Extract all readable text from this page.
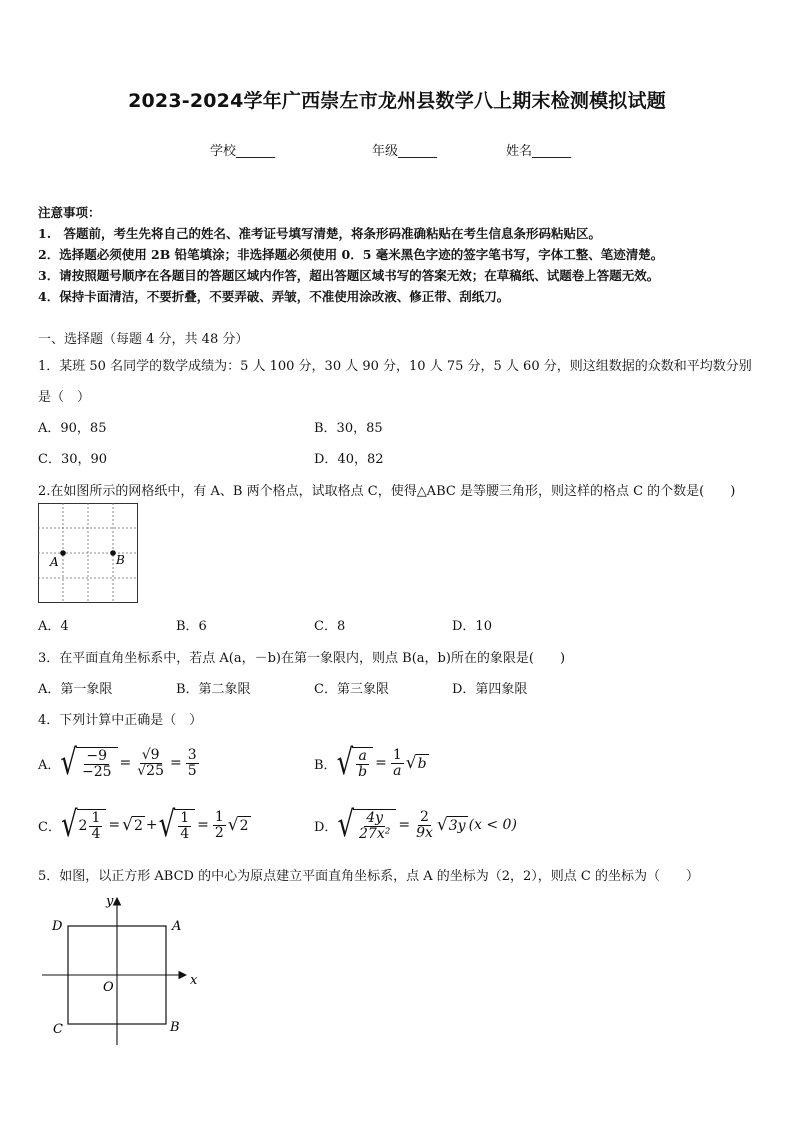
2023-2024学年广西崇左市龙州县数学八上期末检测模拟试题
学校______	年级______	姓名______
注意事项：
1.　答题前，考生先将自己的姓名、准考证号填写清楚，将条形码准确粘贴在考生信息条形码粘贴区。
2．选择题必须使用 2B 铅笔填涂；非选择题必须使用 0．5 毫米黑色字迹的签字笔书写，字体工整、笔迹清楚。
3．请按照题号顺序在各题目的答题区域内作答，超出答题区域书写的答案无效；在草稿纸、试题卷上答题无效。
4．保持卡面清洁，不要折叠，不要弄破、弄皱，不准使用涂改液、修正带、刮纸刀。
一、选择题（每题 4 分，共 48 分）
1．某班 50 名同学的数学成绩为：5 人 100 分，30 人 90 分，10 人 75 分，5 人 60 分，则这组数据的众数和平均数分别
是（　）
A．90，85	B．30，85
C．30，90	D．40，82
2.在如图所示的网格纸中，有 A、B 两个格点，试取格点 C，使得△ABC 是等腰三角形，则这样的格点 C 的个数是(　　)
A	B
A．4	B．6	C．8	D．10
3．在平面直角坐标系中，若点 A(a，－b)在第一象限内，则点 B(a，b)所在的象限是(　　)
A．第一象限	B．第二象限	C．第三象限	D．第四象限
4．下列计算中正确是（　）
A． √ $\frac{-9}{-25} = \frac{√9}{√25} = \frac{3}{5}$	B． √ $\frac{a}{b} = \frac{1}{a}$ √ b
C． √ $2 \frac{1}{4}$ = √ 2 + √ $\frac{1}{4} = \frac{1}{2}$ √ 2	D． √ $\frac{4y}{\text{27x²}} = \frac{2}{9x}$ √ 3y (x < 0)
5．如图，以正方形 ABCD 的中心为原点建立平面直角坐标系，点 A 的坐标为（2，2），则点 C 的坐标为（　　）
x
y
A
D
C	B
O
